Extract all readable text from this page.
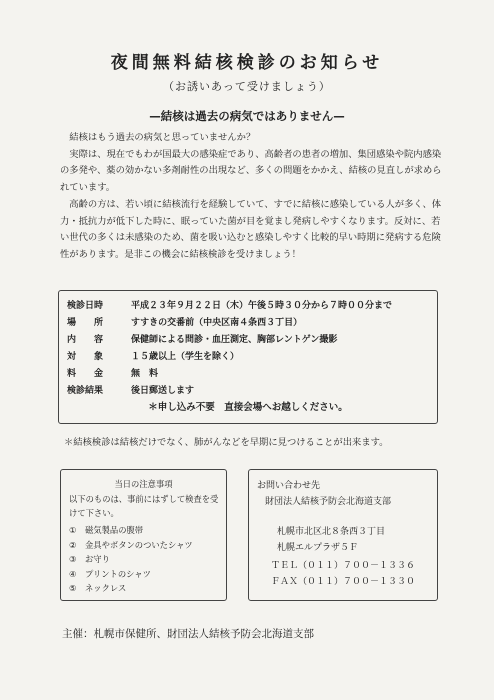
夜間無料結核検診のお知らせ
（お誘いあって受けましょう）
—結核は過去の病気ではありません—

結核はもう過去の病気と思っていませんか？

実際は、現在でもわが国最大の感染症であり、高齢者の患者の増加、集団感染や院内感染の多発や、薬の効かない多剤耐性の出現など、多くの問題をかかえ、結核の見直しが求められています。

高齢の方は、若い頃に結核流行を経験していて、すでに結核に感染している人が多く、体力・抵抗力が低下した時に、眠っていた菌が目を覚まし発病しやすくなります。反対に、若い世代の多くは未感染のため、菌を吸い込むと感染しやすく比較的早い時期に発病する危険性があります。是非この機会に結核検診を受けましょう！

検診日時	平成２３年９月２２日（木）午後５時３０分から７時００分まで
場　　所	すすきの交番前（中央区南４条西３丁目）
内　　容	保健師による問診・血圧測定、胸部レントゲン撮影
対　　象	１５歳以上（学生を除く）
料　　金	無　料
検診結果	後日郵送します
＊申し込み不要　直接会場へお越しください。
＊結核検診は結核だけでなく、肺がんなどを早期に見つけることが出来ます。
当日の注意事項
以下のものは、事前にはずして検査を受けて下さい。
① 磁気製品の腹帯
② 金具やボタンのついたシャツ
③ お守り
④ プリントのシャツ
⑤ ネックレス
お問い合わせ先
財団法人結核予防会北海道支部
札幌市北区北８条西３丁目
札幌エルプラザ５Ｆ
ＴＥＬ（０１１）７００－１３３６
ＦＡＸ（０１１）７００－１３３０
主催：札幌市保健所、財団法人結核予防会北海道支部
